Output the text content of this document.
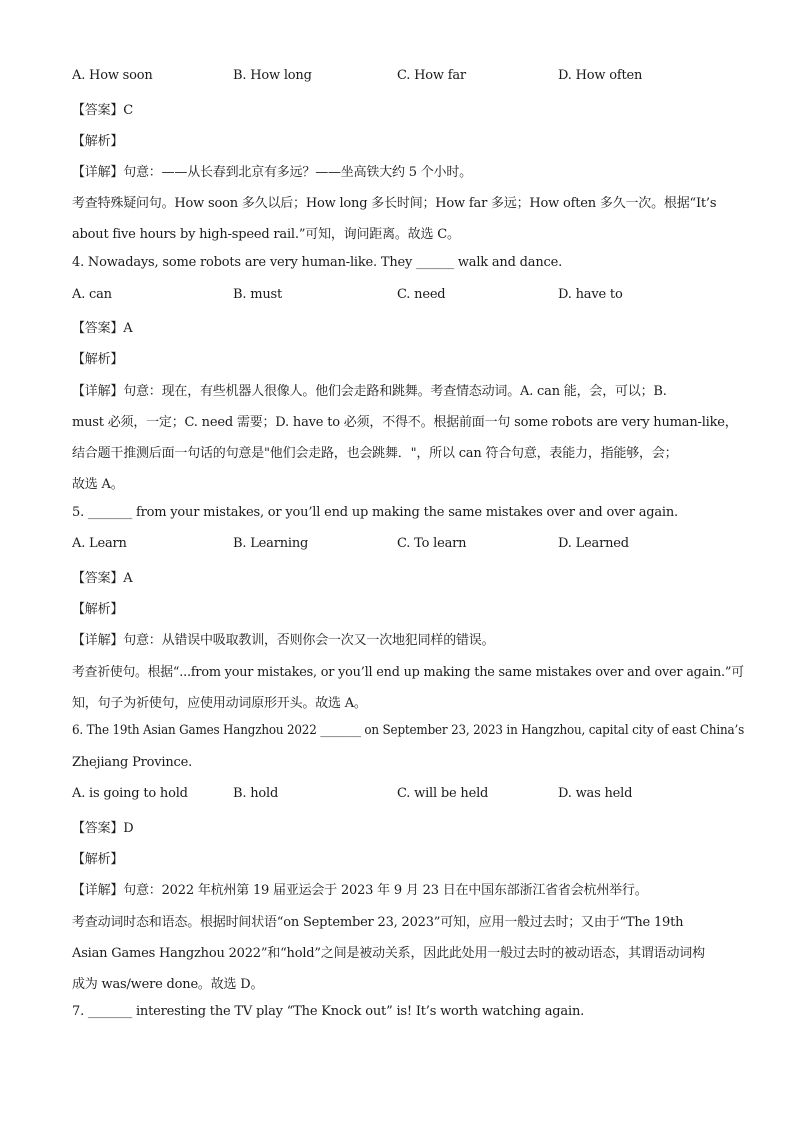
A. How soon	B. How long	C. How far	D. How often
【答案】C
【解析】
【详解】句意：——从长春到北京有多远？——坐高铁大约 5 个小时。
考查特殊疑问句。How soon 多久以后；How long 多长时间；How far 多远；How often 多久一次。根据“It’s
about five hours by high-speed rail.”可知，询问距离。故选 C。
4. Nowadays, some robots are very human-like. They ______ walk and dance.
A. can	B. must	C. need	D. have to
【答案】A
【解析】
【详解】句意：现在，有些机器人很像人。他们会走路和跳舞。考查情态动词。A. can 能，会，可以；B.
must 必须，一定；C. need 需要；D. have to 必须，不得不。根据前面一句 some robots are very human-like，
结合题干推测后面一句话的句意是"他们会走路，也会跳舞．"，所以 can 符合句意，表能力，指能够，会；
故选 A。
5. _______ from your mistakes, or you’ll end up making the same mistakes over and over again.
A. Learn	B. Learning	C. To learn	D. Learned
【答案】A
【解析】
【详解】句意：从错误中吸取教训，否则你会一次又一次地犯同样的错误。
考查祈使句。根据“...from your mistakes, or you’ll end up making the same mistakes over and over again.”可
知，句子为祈使句，应使用动词原形开头。故选 A。
6. The 19th Asian Games Hangzhou 2022 _______ on September 23, 2023 in Hangzhou, capital city of east China’s
Zhejiang Province.
A. is going to hold	B. hold	C. will be held	D. was held
【答案】D
【解析】
【详解】句意：2022 年杭州第 19 届亚运会于 2023 年 9 月 23 日在中国东部浙江省省会杭州举行。
考查动词时态和语态。根据时间状语“on September 23, 2023”可知，应用一般过去时；又由于“The 19th
Asian Games Hangzhou 2022”和“hold”之间是被动关系，因此此处用一般过去时的被动语态，其谓语动词构
成为 was/were done。故选 D。
7. _______ interesting the TV play “The Knock out” is! It’s worth watching again.
